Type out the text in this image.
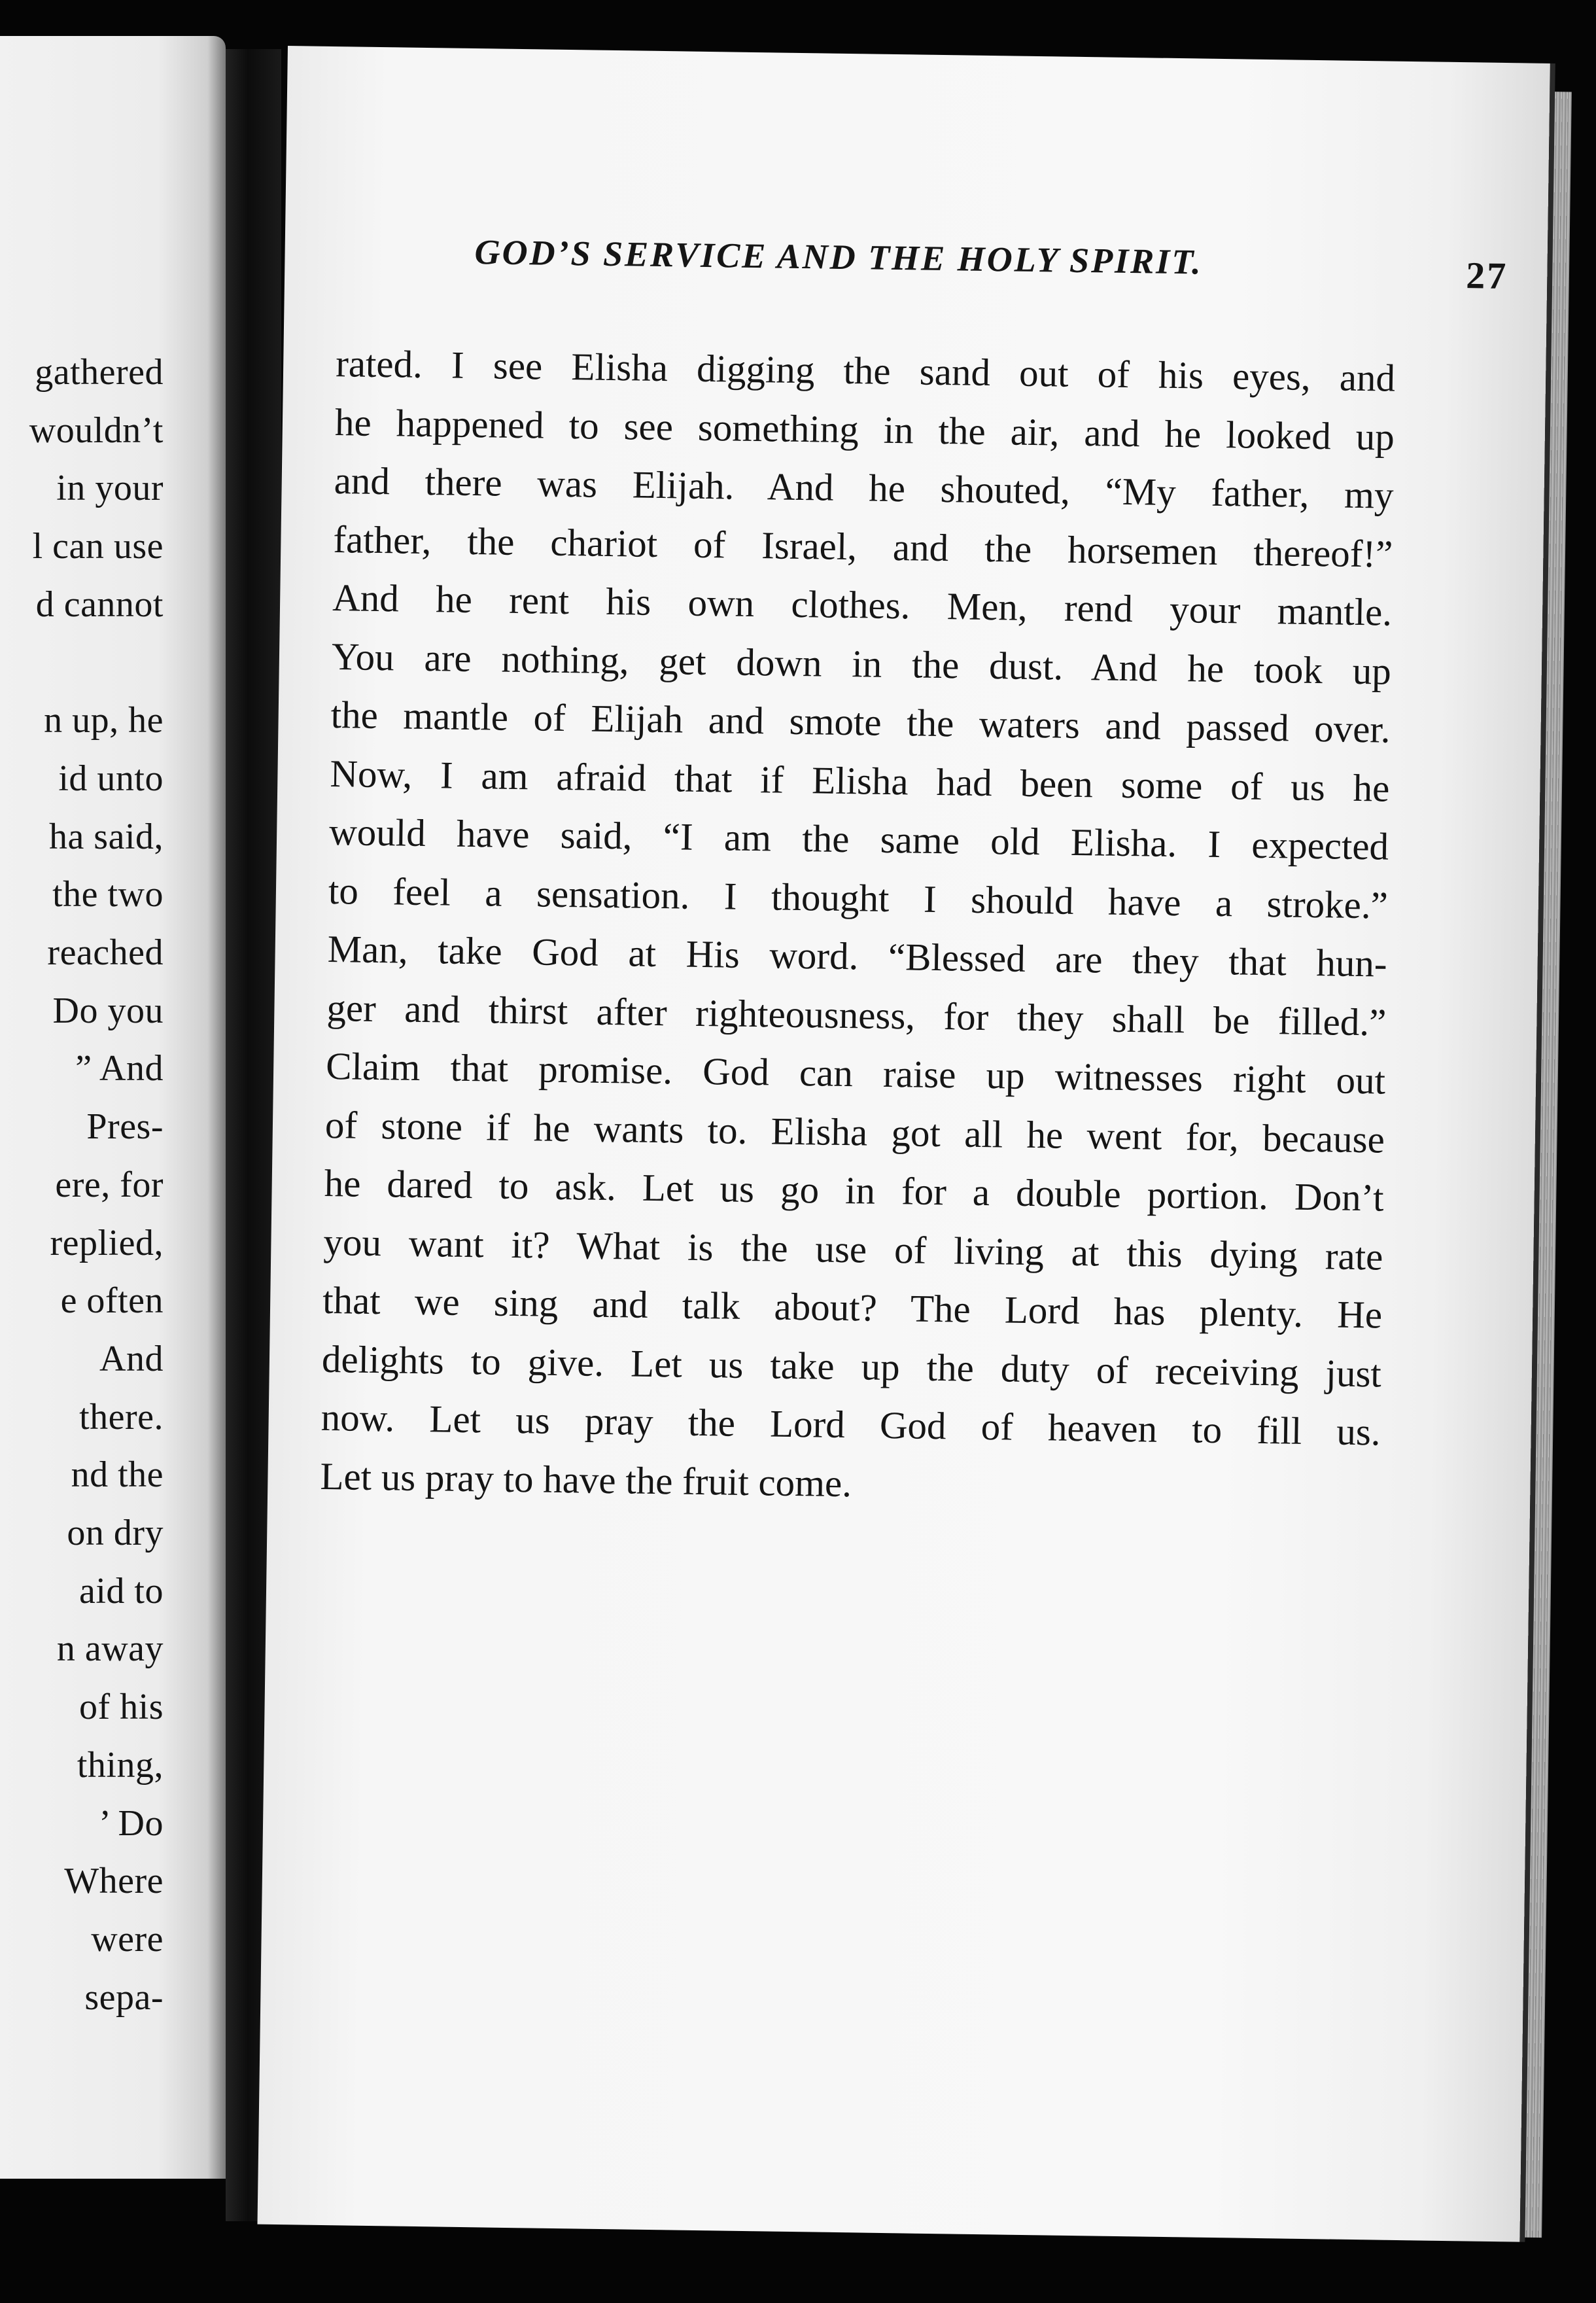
gathered
wouldn’t
in your
l can use
d cannot

n up, he
id unto
ha said,
the two
reached
Do you
” And
Pres-
ere, for
replied,
e often
And
there.
nd the
on dry
aid to
n away
of his
thing,
’ Do
Where
were
sepa-
GOD’S SERVICE AND THE HOLY SPIRIT.	27
rated. I see Elisha digging the sand out of his eyes, and
he happened to see something in the air, and he looked up
and there was Elijah. And he shouted, “My father, my
father, the chariot of Israel, and the horsemen thereof!”
And he rent his own clothes. Men, rend your mantle.
You are nothing, get down in the dust. And he took up
the mantle of Elijah and smote the waters and passed over.
Now, I am afraid that if Elisha had been some of us he
would have said, “I am the same old Elisha. I expected
to feel a sensation. I thought I should have a stroke.”
Man, take God at His word. “Blessed are they that hun-
ger and thirst after righteousness, for they shall be filled.”
Claim that promise. God can raise up witnesses right out
of stone if he wants to. Elisha got all he went for, because
he dared to ask. Let us go in for a double portion. Don’t
you want it? What is the use of living at this dying rate
that we sing and talk about? The Lord has plenty. He
delights to give. Let us take up the duty of receiving just
now. Let us pray the Lord God of heaven to fill us.
Let us pray to have the fruit come.
